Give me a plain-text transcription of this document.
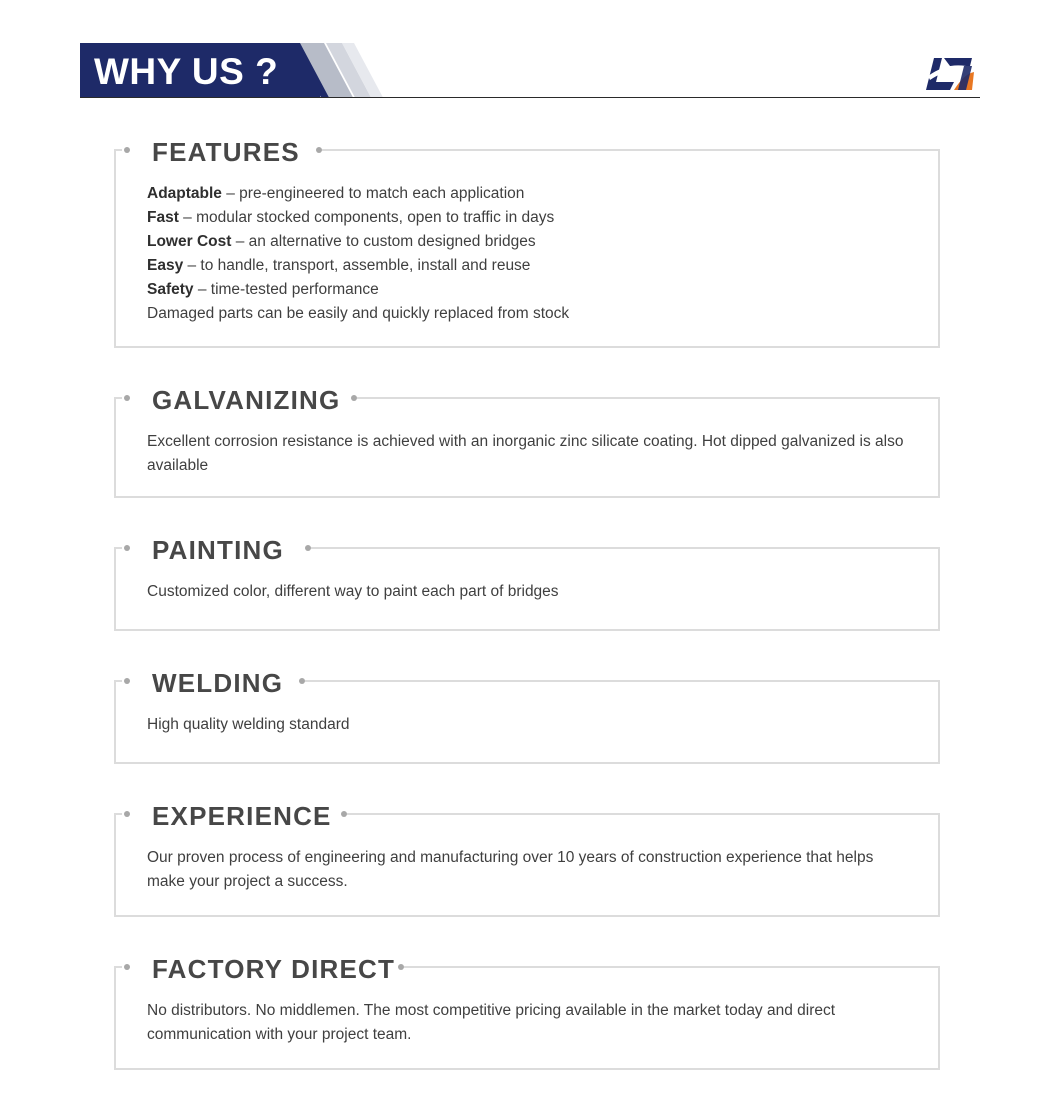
WHY US ?
FEATURES

Adaptable – pre-engineered to match each application

Fast – modular stocked components, open to traffic in days

Lower Cost – an alternative to custom designed bridges

Easy – to handle, transport, assemble, install and reuse

Safety – time-tested performance

Damaged parts can be easily and quickly replaced from stock

GALVANIZING

Excellent corrosion resistance is achieved with an inorganic zinc silicate coating. Hot dipped galvanized is also available

PAINTING

Customized color, different way to paint each part of bridges

WELDING

High quality welding standard

EXPERIENCE

Our proven process of engineering and manufacturing over 10 years of construction experience that helps make your project a success.

FACTORY DIRECT

No distributors. No middlemen. The most competitive pricing available in the market today and direct communication with your project team.
